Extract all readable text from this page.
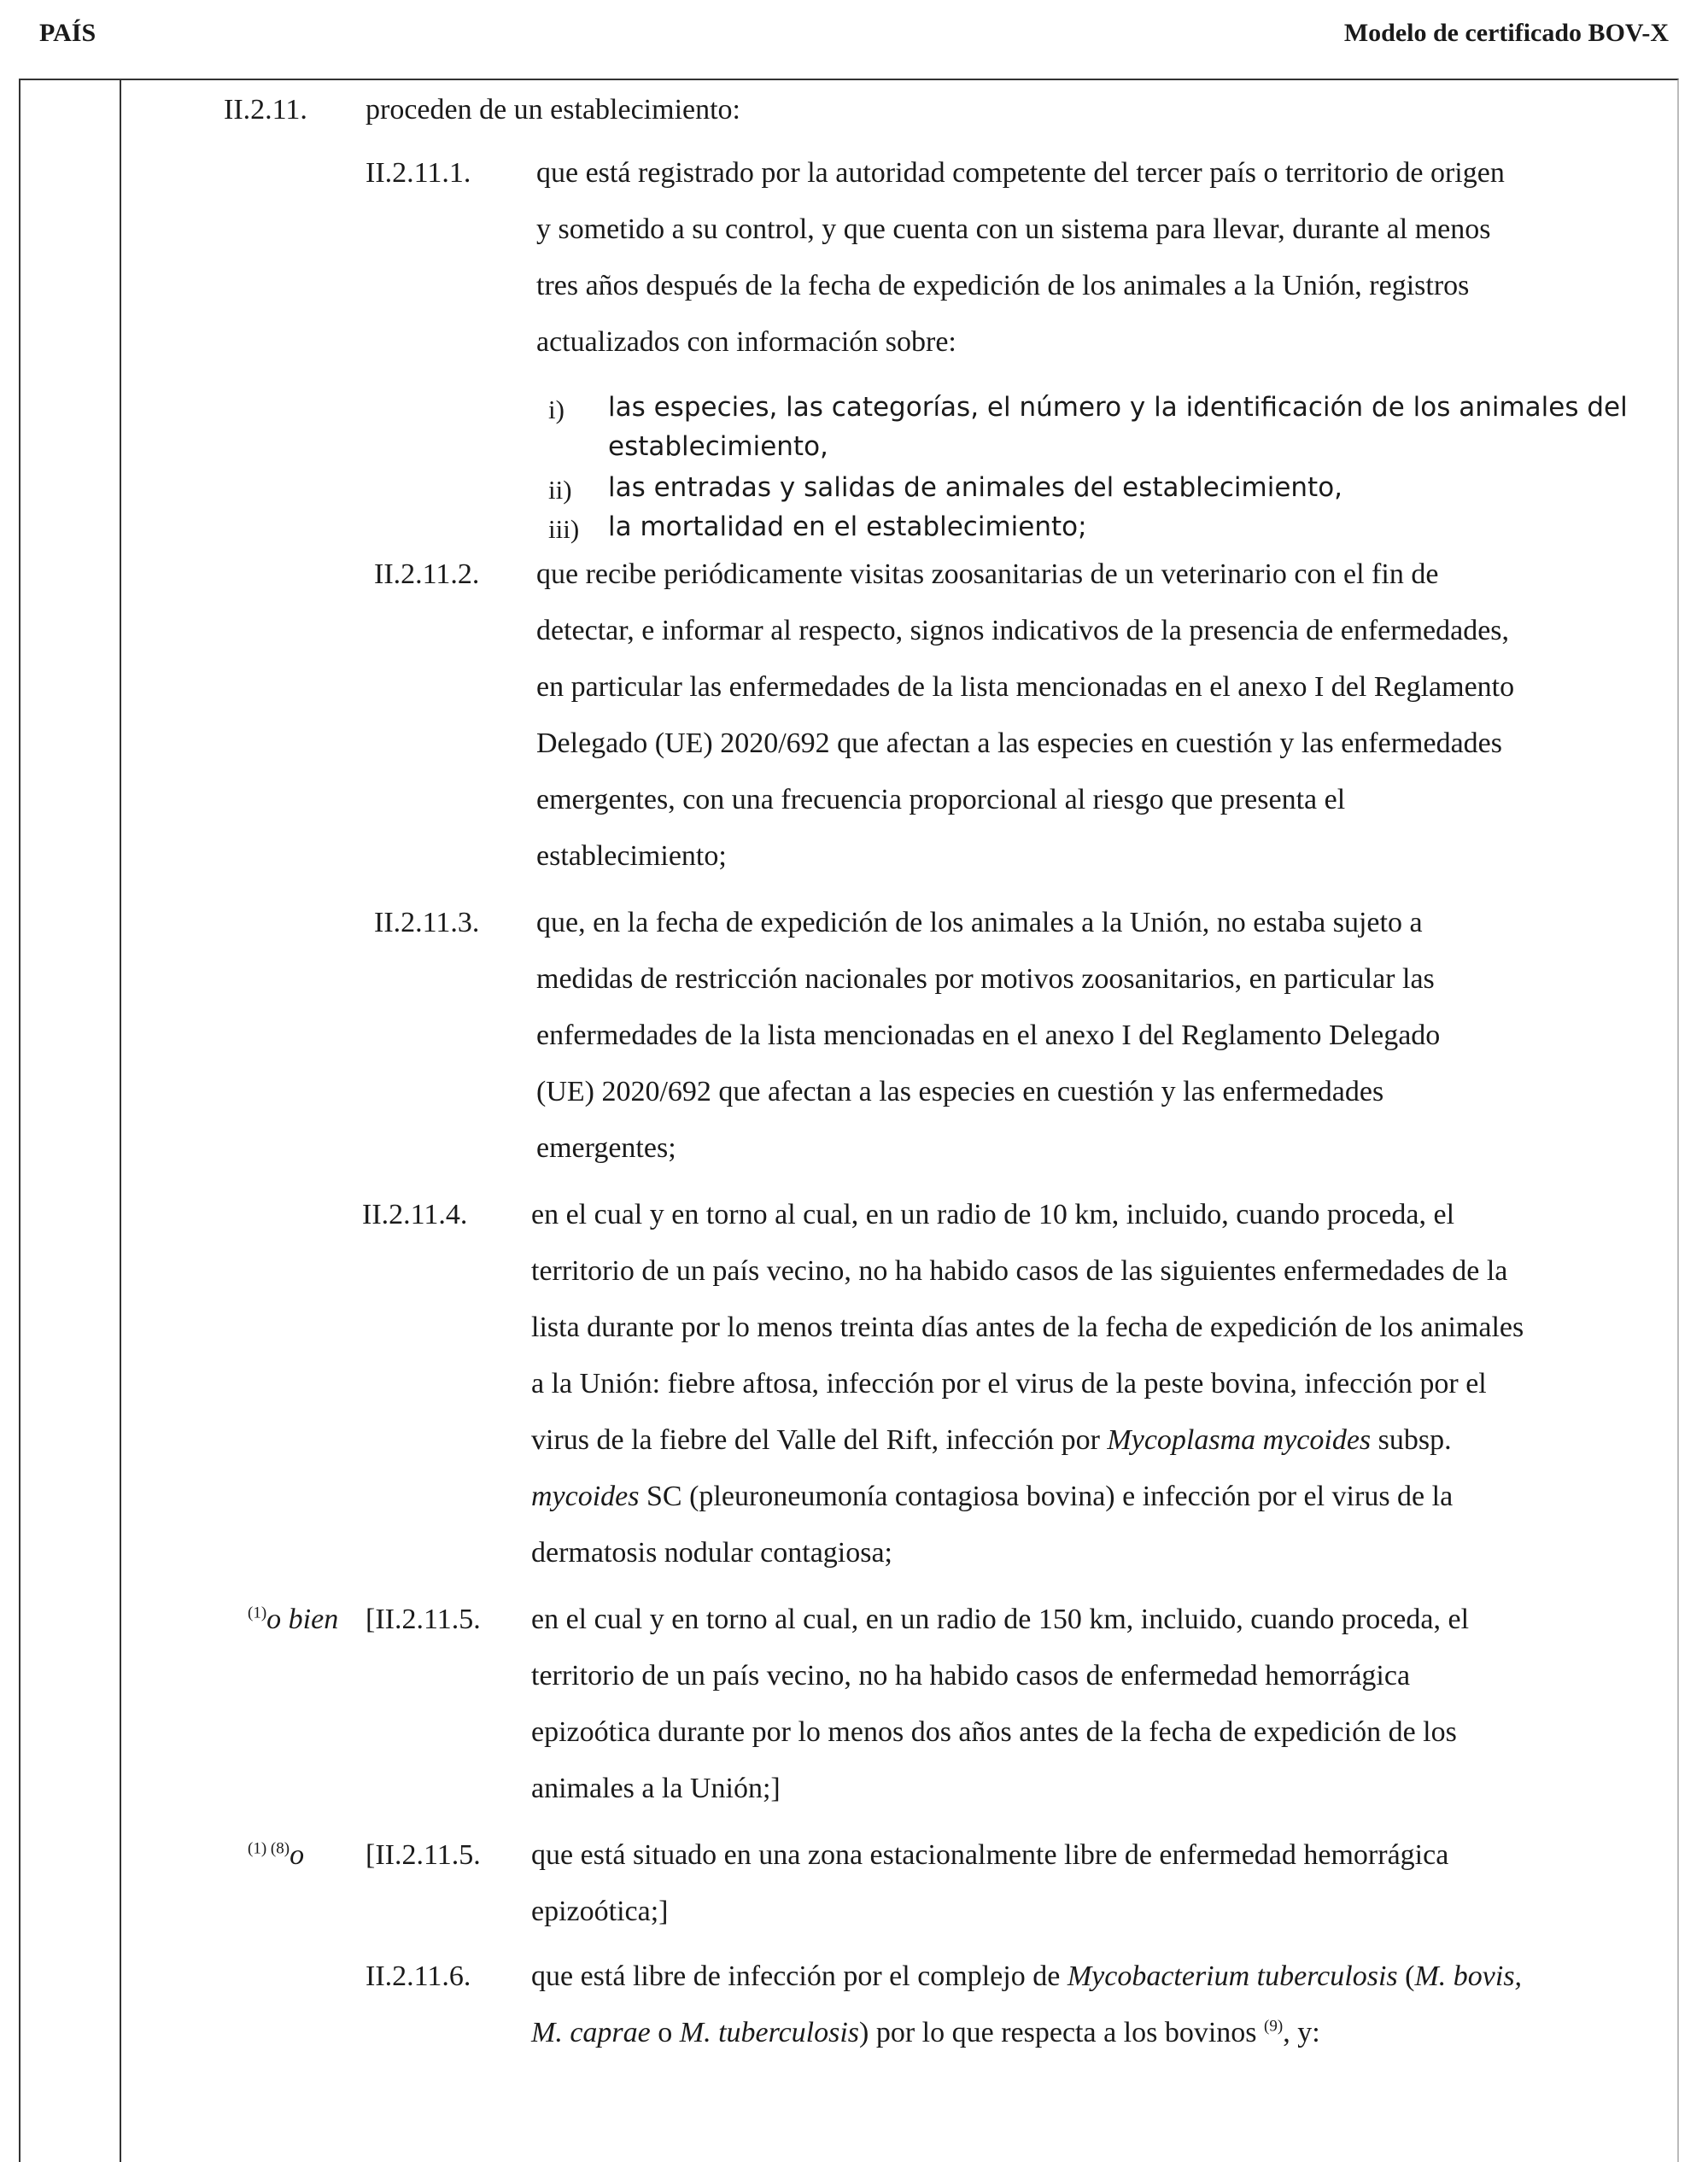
PAÍS	Modelo de certificado BOV-X
II.2.11. proceden de un establecimiento:
II.2.11.1. que está registrado por la autoridad competente del tercer país o territorio de origen
y sometido a su control, y que cuenta con un sistema para llevar, durante al menos
tres años después de la fecha de expedición de los animales a la Unión, registros
actualizados con información sobre:
i) las especies, las categorías, el número y la identificación de los animales del
establecimiento,
ii) las entradas y salidas de animales del establecimiento,
iii) la mortalidad en el establecimiento;
II.2.11.2. que recibe periódicamente visitas zoosanitarias de un veterinario con el fin de
detectar, e informar al respecto, signos indicativos de la presencia de enfermedades,
en particular las enfermedades de la lista mencionadas en el anexo I del Reglamento
Delegado (UE) 2020/692 que afectan a las especies en cuestión y las enfermedades
emergentes, con una frecuencia proporcional al riesgo que presenta el
establecimiento;
II.2.11.3. que, en la fecha de expedición de los animales a la Unión, no estaba sujeto a
medidas de restricción nacionales por motivos zoosanitarios, en particular las
enfermedades de la lista mencionadas en el anexo I del Reglamento Delegado
(UE) 2020/692 que afectan a las especies en cuestión y las enfermedades
emergentes;
II.2.11.4. en el cual y en torno al cual, en un radio de 10 km, incluido, cuando proceda, el
territorio de un país vecino, no ha habido casos de las siguientes enfermedades de la
lista durante por lo menos treinta días antes de la fecha de expedición de los animales
a la Unión: fiebre aftosa, infección por el virus de la peste bovina, infección por el
virus de la fiebre del Valle del Rift, infección por Mycoplasma mycoides subsp.
mycoides SC (pleuroneumonía contagiosa bovina) e infección por el virus de la
dermatosis nodular contagiosa;
$^{(1)}$o bien [II.2.11.5. en el cual y en torno al cual, en un radio de 150 km, incluido, cuando proceda, el
territorio de un país vecino, no ha habido casos de enfermedad hemorrágica
epizoótica durante por lo menos dos años antes de la fecha de expedición de los
animales a la Unión;]
$^{(1) (8)}$o [II.2.11.5. que está situado en una zona estacionalmente libre de enfermedad hemorrágica
epizoótica;]
II.2.11.6. que está libre de infección por el complejo de Mycobacterium tuberculosis (M. bovis,
M. caprae o M. tuberculosis) por lo que respecta a los bovinos $^{(9)}$, y:
